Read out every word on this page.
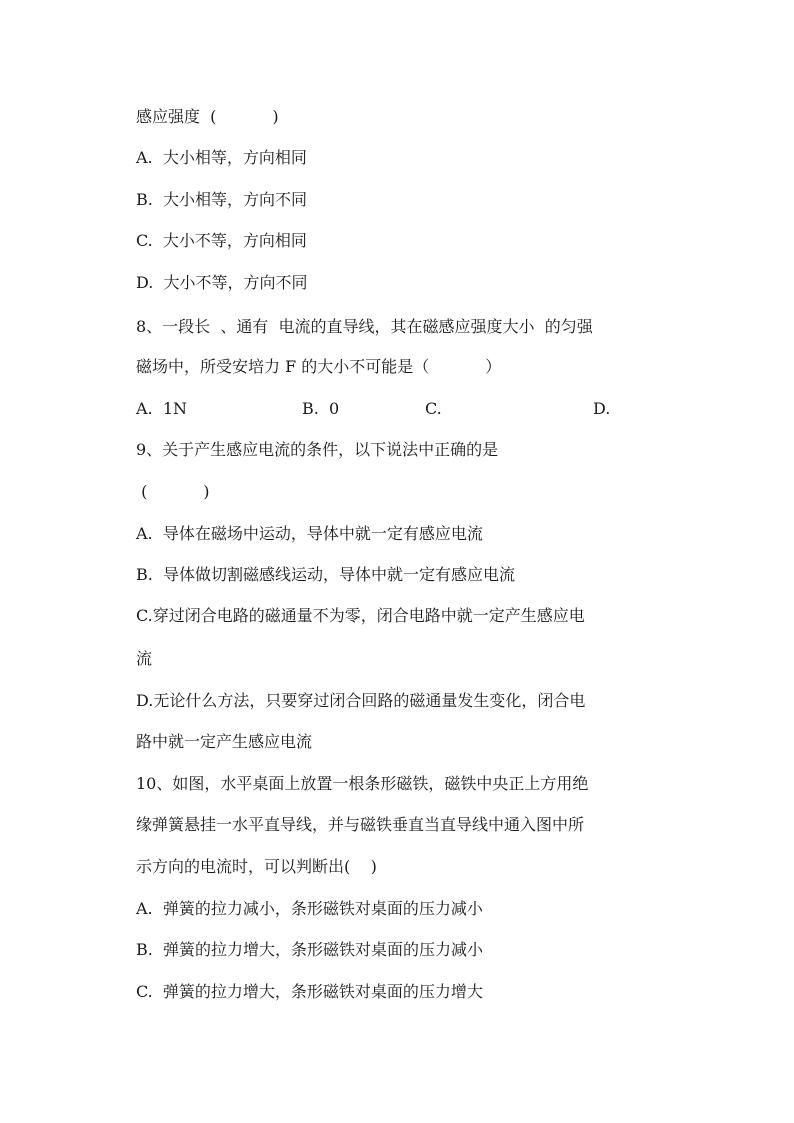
感应强度  (           )
A.  大小相等，方向相同
B.  大小相等，方向不同
C.  大小不等，方向相同
D.  大小不等，方向不同
8、一段长  、通有  电流的直导线，其在磁感应强度大小  的匀强
磁场中，所受安培力 F 的大小不可能是（           ）
A.  1N	B.  0	C.	D.
9、关于产生感应电流的条件，以下说法中正确的是
(           )
A.  导体在磁场中运动，导体中就一定有感应电流
B.  导体做切割磁感线运动，导体中就一定有感应电流
C.穿过闭合电路的磁通量不为零，闭合电路中就一定产生感应电
流
D.无论什么方法，只要穿过闭合回路的磁通量发生变化，闭合电
路中就一定产生感应电流
10、如图，水平桌面上放置一根条形磁铁，磁铁中央正上方用绝
缘弹簧悬挂一水平直导线，并与磁铁垂直当直导线中通入图中所
示方向的电流时，可以判断出(    )
A.  弹簧的拉力减小，条形磁铁对桌面的压力减小
B.  弹簧的拉力增大，条形磁铁对桌面的压力减小
C.  弹簧的拉力增大，条形磁铁对桌面的压力增大
